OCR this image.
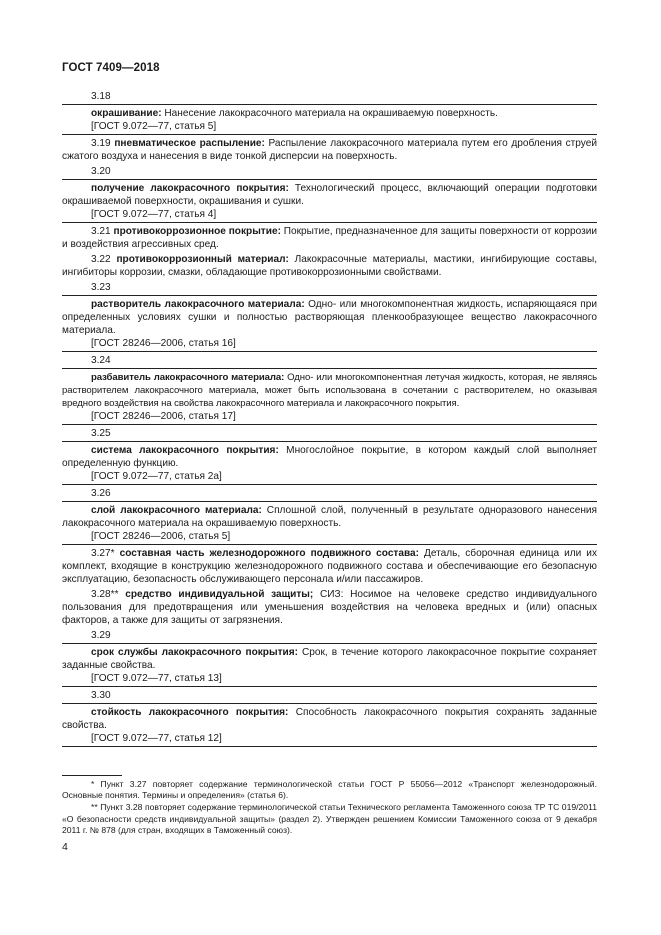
ГОСТ 7409—2018
3.18
окрашивание: Нанесение лакокрасочного материала на окрашиваемую поверхность.
[ГОСТ 9.072—77, статья 5]
3.19 пневматическое распыление: Распыление лакокрасочного материала путем его дробления струей сжатого воздуха и нанесения в виде тонкой дисперсии на поверхность.
3.20
получение лакокрасочного покрытия: Технологический процесс, включающий операции подготовки окрашиваемой поверхности, окрашивания и сушки.
[ГОСТ 9.072—77, статья 4]
3.21 противокоррозионное покрытие: Покрытие, предназначенное для защиты поверхности от коррозии и воздействия агрессивных сред.
3.22 противокоррозионный материал: Лакокрасочные материалы, мастики, ингибирующие составы, ингибиторы коррозии, смазки, обладающие противокоррозионными свойствами.
3.23
растворитель лакокрасочного материала: Одно- или многокомпонентная жидкость, испаряющаяся при определенных условиях сушки и полностью растворяющая пленкообразующее вещество лакокрасочного материала.
[ГОСТ 28246—2006, статья 16]
3.24
разбавитель лакокрасочного материала: Одно- или многокомпонентная летучая жидкость, которая, не являясь растворителем лакокрасочного материала, может быть использована в сочетании с растворителем, но оказывая вредного воздействия на свойства лакокрасочного материала и лакокрасочного покрытия.
[ГОСТ 28246—2006, статья 17]
3.25
система лакокрасочного покрытия: Многослойное покрытие, в котором каждый слой выполняет определенную функцию.
[ГОСТ 9.072—77, статья 2а]
3.26
слой лакокрасочного материала: Сплошной слой, полученный в результате одноразового нанесения лакокрасочного материала на окрашиваемую поверхность.
[ГОСТ 28246—2006, статья 5]
3.27* составная часть железнодорожного подвижного состава: Деталь, сборочная единица или их комплект, входящие в конструкцию железнодорожного подвижного состава и обеспечивающие его безопасную эксплуатацию, безопасность обслуживающего персонала и/или пассажиров.
3.28** средство индивидуальной защиты; СИЗ: Носимое на человеке средство индивидуального пользования для предотвращения или уменьшения воздействия на человека вредных и (или) опасных факторов, а также для защиты от загрязнения.
3.29
срок службы лакокрасочного покрытия: Срок, в течение которого лакокрасочное покрытие сохраняет заданные свойства.
[ГОСТ 9.072—77, статья 13]
3.30
стойкость лакокрасочного покрытия: Способность лакокрасочного покрытия сохранять заданные свойства.
[ГОСТ 9.072—77, статья 12]
* Пункт 3.27 повторяет содержание терминологической статьи ГОСТ Р 55056—2012 «Транспорт железнодорожный. Основные понятия. Термины и определения» (статья 6).
** Пункт 3.28 повторяет содержание терминологической статьи Технического регламента Таможенного союза ТР ТС 019/2011 «О безопасности средств индивидуальной защиты» (раздел 2). Утвержден решением Комиссии Таможенного союза от 9 декабря 2011 г. № 878 (для стран, входящих в Таможенный союз).
4
